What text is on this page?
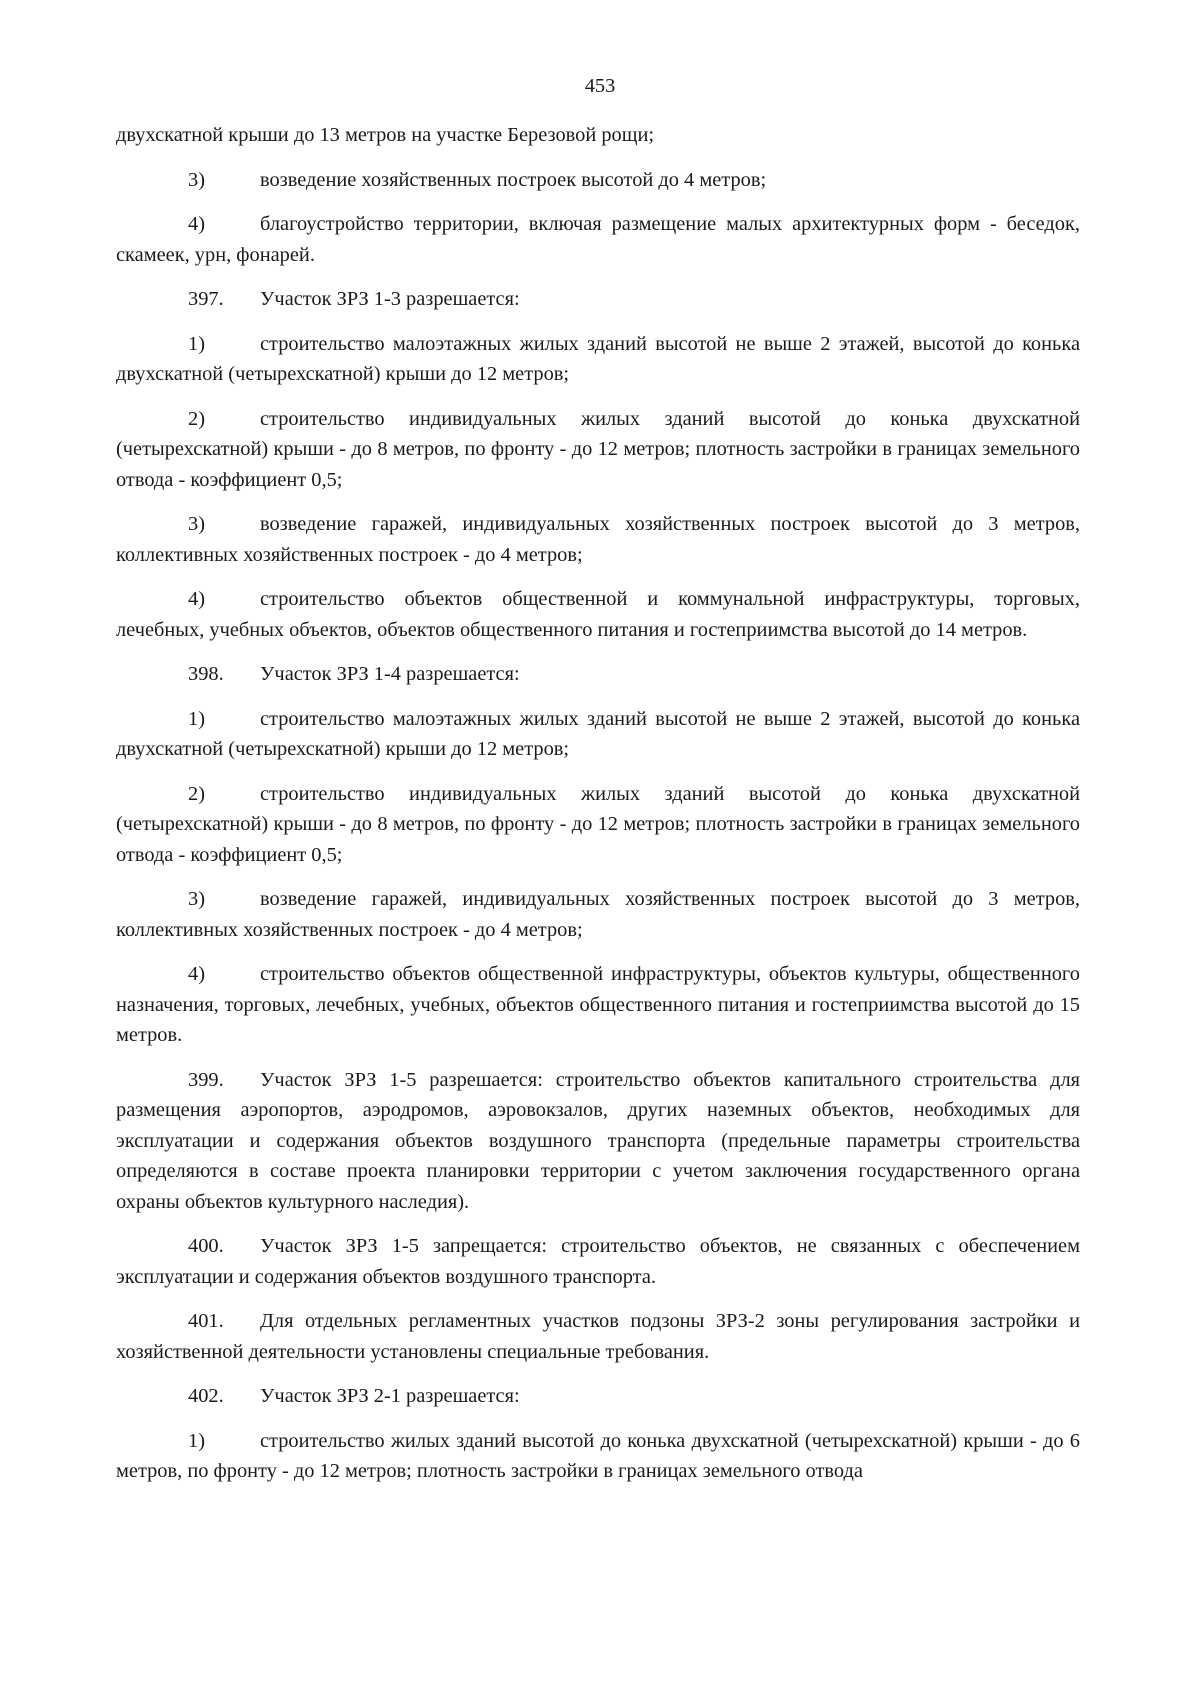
453

двухскатной крыши до 13 метров на участке Березовой рощи;

3)	возведение хозяйственных построек высотой до 4 метров;

4)	благоустройство территории, включая размещение малых архитектурных форм - беседок, скамеек, урн, фонарей.

397. Участок ЗРЗ 1-3 разрешается:

1)	строительство малоэтажных жилых зданий высотой не выше 2 этажей, высотой до конька двухскатной (четырехскатной) крыши до 12 метров;

2)	строительство индивидуальных жилых зданий высотой до конька двухскатной (четырехскатной) крыши - до 8 метров, по фронту - до 12 метров; плотность застройки в границах земельного отвода - коэффициент 0,5;

3)	возведение гаражей, индивидуальных хозяйственных построек высотой до 3 метров, коллективных хозяйственных построек - до 4 метров;

4)	строительство объектов общественной и коммунальной инфраструктуры, торговых, лечебных, учебных объектов, объектов общественного питания и гостеприимства высотой до 14 метров.

398. Участок ЗРЗ 1-4 разрешается:

1)	строительство малоэтажных жилых зданий высотой не выше 2 этажей, высотой до конька двухскатной (четырехскатной) крыши до 12 метров;

2)	строительство индивидуальных жилых зданий высотой до конька двухскатной (четырехскатной) крыши - до 8 метров, по фронту - до 12 метров; плотность застройки в границах земельного отвода - коэффициент 0,5;

3)	возведение гаражей, индивидуальных хозяйственных построек высотой до 3 метров, коллективных хозяйственных построек - до 4 метров;

4)	строительство объектов общественной инфраструктуры, объектов культуры, общественного назначения, торговых, лечебных, учебных, объектов общественного питания и гостеприимства высотой до 15 метров.

399. Участок ЗРЗ 1-5 разрешается: строительство объектов капитального строительства для размещения аэропортов, аэродромов, аэровокзалов, других наземных объектов, необходимых для эксплуатации и содержания объектов воздушного транспорта (предельные параметры строительства определяются в составе проекта планировки территории с учетом заключения государственного органа охраны объектов культурного наследия).

400. Участок ЗРЗ 1-5 запрещается: строительство объектов, не связанных с обеспечением эксплуатации и содержания объектов воздушного транспорта.

401. Для отдельных регламентных участков подзоны ЗРЗ-2 зоны регулирования застройки и хозяйственной деятельности установлены специальные требования.

402. Участок ЗРЗ 2-1 разрешается:

1)	строительство жилых зданий высотой до конька двухскатной (четырехскатной) крыши - до 6 метров, по фронту - до 12 метров; плотность застройки в границах земельного отвода
